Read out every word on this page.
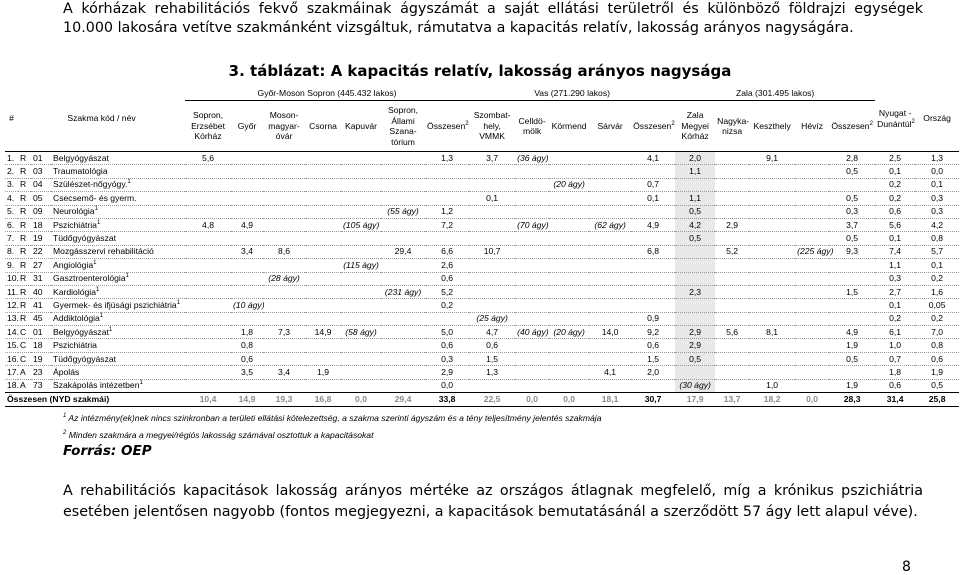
A kórházak rehabilitációs fekvő szakmáinak ágyszámát a saját ellátási területről és különböző földrajzi egységek 10.000 lakosára vetítve szakmánként vizsgáltuk, rámutatva a kapacitás relatív, lakosság arányos nagyságára.
3. táblázat: A kapacitás relatív, lakosság arányos nagysága
#	Szakma kód / név			Győr-Moson Sopron (445.432 lakos)							Vas (271.290 lakos)					Zala (301.495 lakos)					Nyugat - Dunántúl$^2$	Ország
				Sopron, Erzsébet Kórház	Győr	Moson-magyar-óvár	Csorna	Kapuvár	Sopron, Állami Szana-tórium	Összesen$^2$	Szombat-hely, VMMK	Celldö-mölk	Körmend	Sárvár	Összesen$^2$	Zala Megyei Kórház	Nagyka-nizsa	Keszthely	Hévíz	Összesen$^2$
1.	R	01	Belgyógyászat	5,6						1,3	3,7	(36 ágy)			4,1	2,0		9,1		2,8	2,5	1,3
2.	R	03	Traumatológia													1,1				0,5	0,1	0,0
3.	R	04	Szülészet-nőgyógy.$^1$										(20 ágy)		0,7						0,2	0,1
4.	R	05	Csecsemő- és gyerm.								0,1				0,1	1,1				0,5	0,2	0,3
5.	R	09	Neurológia$^1$						(55 ágy)	1,2						0,5				0,3	0,6	0,3
6.	R	18	Pszichiátria$^1$	4,8	4,9			(105 ágy)		7,2		(70 ágy)		(62 ágy)	4,9	4,2	2,9			3,7	5,6	4,2
7.	R	19	Tüdőgyógyászat													0,5				0,5	0,1	0,8
8.	R	22	Mozgásszervi rehabilitáció		3,4	8,6			29,4	6,6	10,7				6,8		5,2		(225 ágy)	9,3	7,4	5,7
9.	R	27	Angiológia$^1$					(115 ágy)		2,6											1,1	0,1
10.	R	31	Gasztroenterológia$^1$			(28 ágy)				0,6											0,3	0,2
11.	R	40	Kardiológia$^1$						(231 ágy)	5,2						2,3				1,5	2,7	1,6
12.	R	41	Gyermek- és ifjúsági pszichiátria$^1$		(10 ágy)					0,2											0,1	0,05
13.	R	45	Addiktológia$^1$								(25 ágy)				0,9						0,2	0,2
14.	C	01	Belgyógyászat$^1$		1,8	7,3	14,9	(58 ágy)		5,0	4,7	(40 ágy)	(20 ágy)	14,0	9,2	2,9	5,6	8,1		4,9	6,1	7,0
15.	C	18	Pszichiátria		0,8					0,6	0,6				0,6	2,9				1,9	1,0	0,8
16.	C	19	Tüdőgyógyászat		0,6					0,3	1,5				1,5	0,5				0,5	0,7	0,6
17.	A	23	Ápolás		3,5	3,4	1,9			2,9	1,3			4,1	2,0						1,8	1,9
18.	A	73	Szakápolás intézetben$^1$							0,0						(30 ágy)		1,0		1,9	0,6	0,5
Összesen (NYD szakmái)				10,4	14,9	19,3	16,8	0,0	29,4	33,8	22,5	0,0	0,0	18,1	30,7	17,9	13,7	18,2	0,0	28,3	31,4	25,8
$^1$ Az intézmény(ek)nek nincs szinkronban a területi ellátási kötelezettség, a szakma szerinti ágyszám és a tény teljesítmény jelentés szakmája
$^2$ Minden szakmára a megyei/régiós lakosság számával osztottuk a kapacitásokat
Forrás: OEP
A rehabilitációs kapacitások lakosság arányos mértéke az országos átlagnak megfelelő, míg a krónikus pszichiátria esetében jelentősen nagyobb (fontos megjegyezni, a kapacitások bemutatásánál a szerződött 57 ágy lett alapul véve).
8
